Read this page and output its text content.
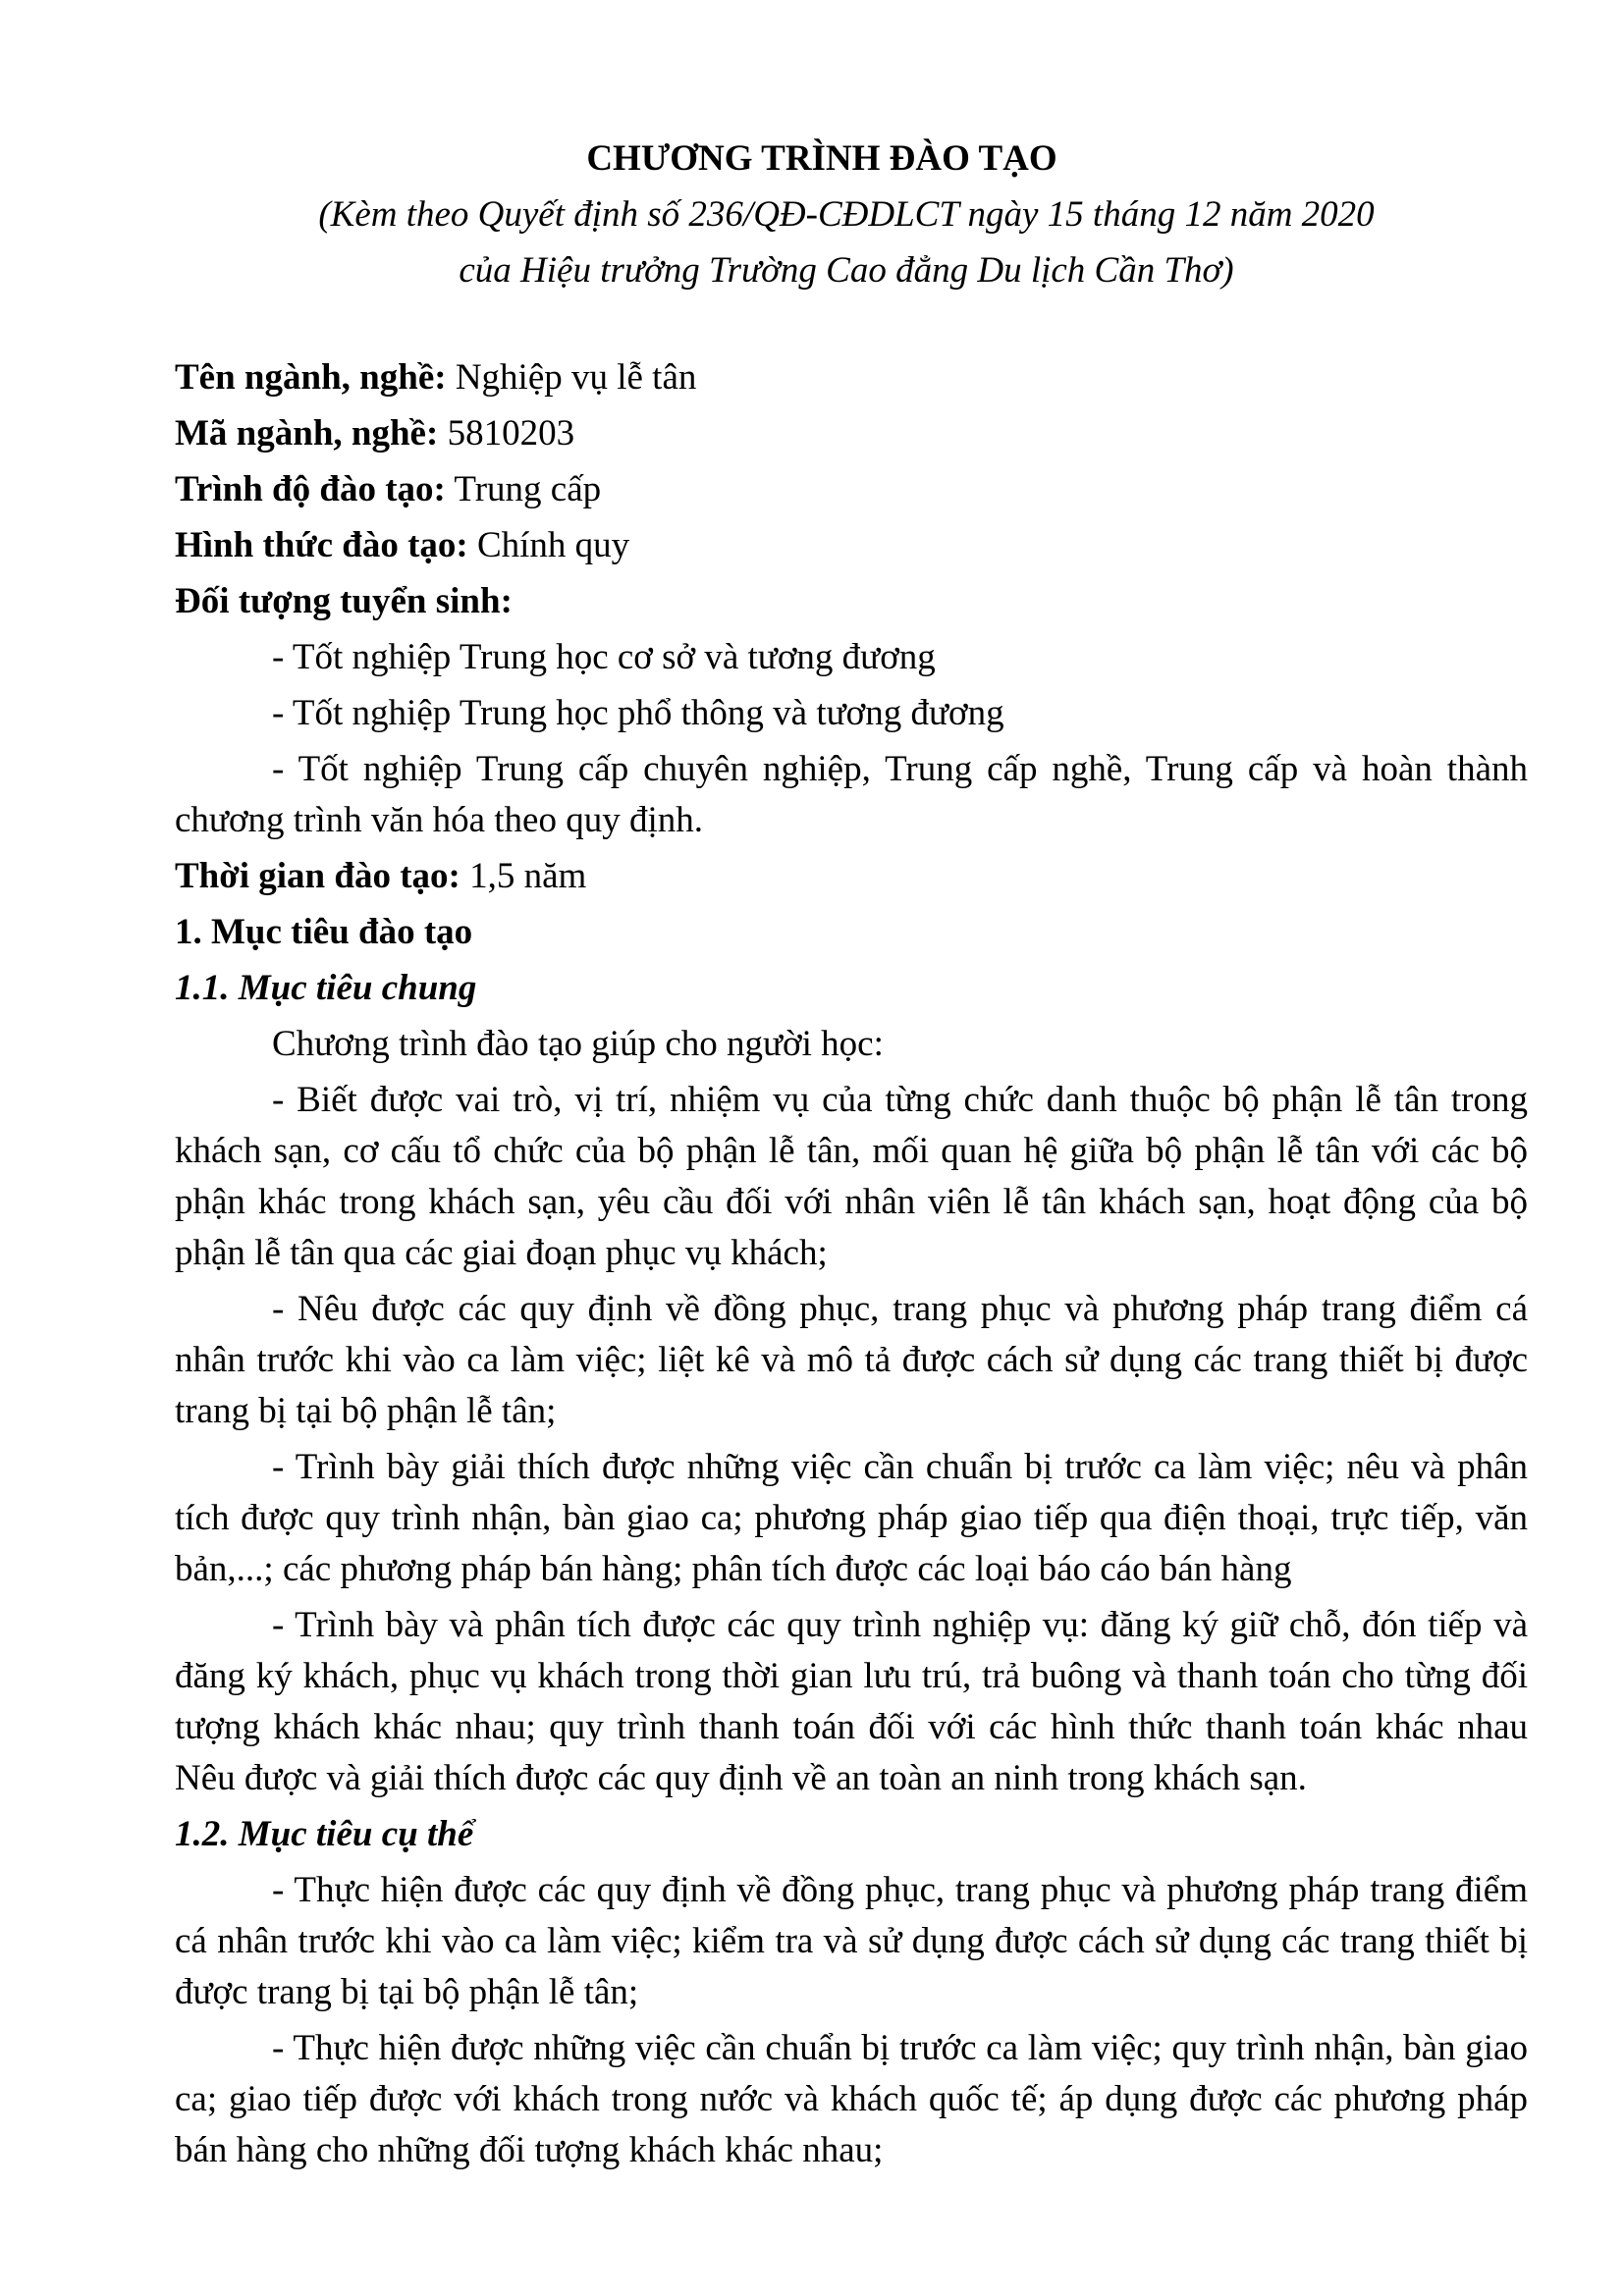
CHƯƠNG TRÌNH ĐÀO TẠO
(Kèm theo Quyết định số 236/QĐ-CĐDLCT ngày 15 tháng 12 năm 2020
của Hiệu trưởng Trường Cao đẳng Du lịch Cần Thơ)

Tên ngành, nghề: Nghiệp vụ lễ tân

Mã ngành, nghề: 5810203

Trình độ đào tạo: Trung cấp

Hình thức đào tạo: Chính quy

Đối tượng tuyển sinh:

- Tốt nghiệp Trung học cơ sở và tương đương

- Tốt nghiệp Trung học phổ thông và tương đương

- Tốt nghiệp Trung cấp chuyên nghiệp, Trung cấp nghề, Trung cấp và hoàn thành chương trình văn hóa theo quy định.

Thời gian đào tạo: 1,5 năm

1. Mục tiêu đào tạo

1.1. Mục tiêu chung

Chương trình đào tạo giúp cho người học:

- Biết được vai trò, vị trí, nhiệm vụ của từng chức danh thuộc bộ phận lễ tân trong khách sạn, cơ cấu tổ chức của bộ phận lễ tân, mối quan hệ giữa bộ phận lễ tân với các bộ phận khác trong khách sạn, yêu cầu đối với nhân viên lễ tân khách sạn, hoạt động của bộ phận lễ tân qua các giai đoạn phục vụ khách;

- Nêu được các quy định về đồng phục, trang phục và phương pháp trang điểm cá nhân trước khi vào ca làm việc; liệt kê và mô tả được cách sử dụng các trang thiết bị được trang bị tại bộ phận lễ tân;

- Trình bày giải thích được những việc cần chuẩn bị trước ca làm việc; nêu và phân tích được quy trình nhận, bàn giao ca; phương pháp giao tiếp qua điện thoại, trực tiếp, văn bản,...; các phương pháp bán hàng; phân tích được các loại báo cáo bán hàng

- Trình bày và phân tích được các quy trình nghiệp vụ: đăng ký giữ chỗ, đón tiếp và đăng ký khách, phục vụ khách trong thời gian lưu trú, trả buông và thanh toán cho từng đối tượng khách khác nhau; quy trình thanh toán đối với các hình thức thanh toán khác nhau Nêu được và giải thích được các quy định về an toàn an ninh trong khách sạn.

1.2. Mục tiêu cụ thể

- Thực hiện được các quy định về đồng phục, trang phục và phương pháp trang điểm cá nhân trước khi vào ca làm việc; kiểm tra và sử dụng được cách sử dụng các trang thiết bị được trang bị tại bộ phận lễ tân;

- Thực hiện được những việc cần chuẩn bị trước ca làm việc; quy trình nhận, bàn giao ca; giao tiếp được với khách trong nước và khách quốc tế; áp dụng được các phương pháp bán hàng cho những đối tượng khách khác nhau;
